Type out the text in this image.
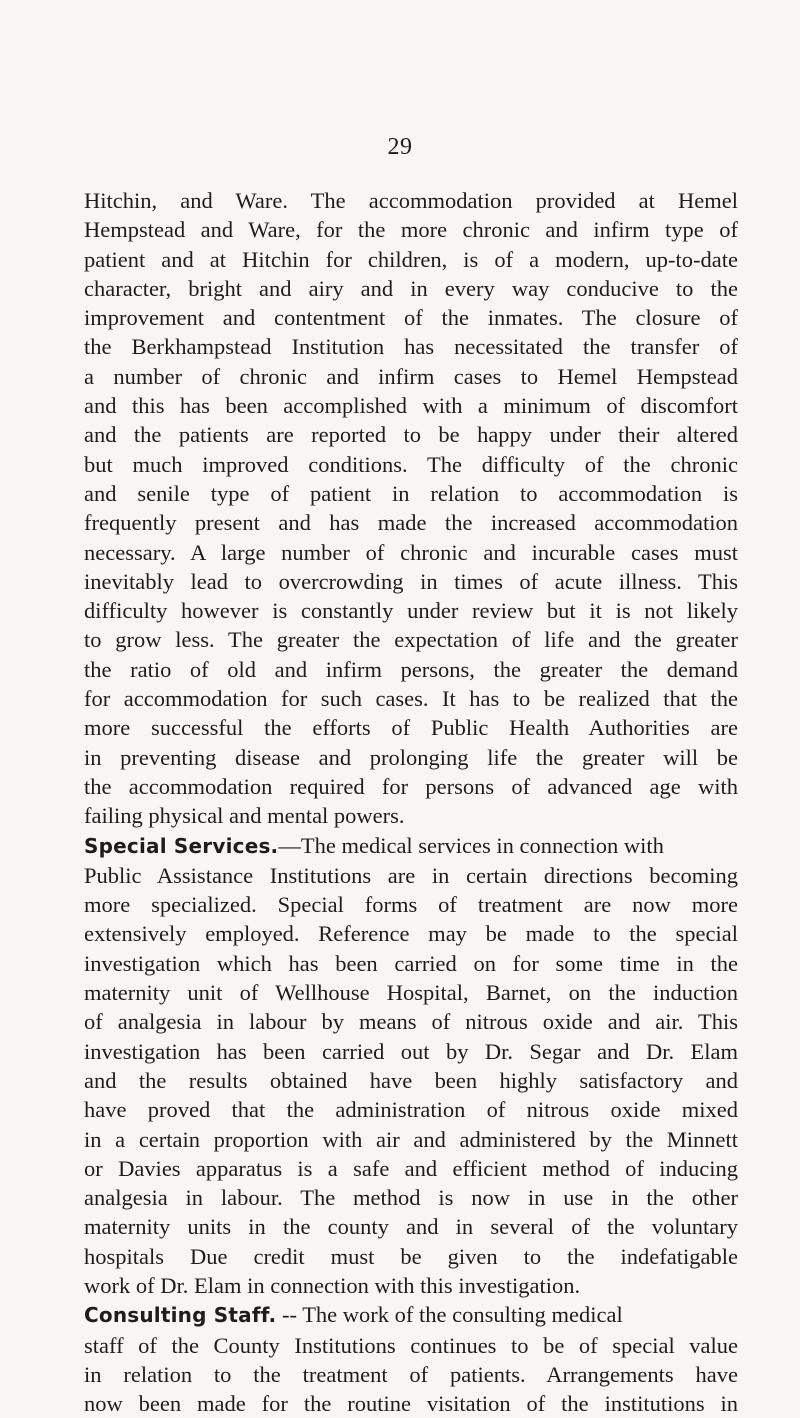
29
Hitchin, and Ware. The accommodation provided at Hemel
Hempstead and Ware, for the more chronic and infirm type of
patient and at Hitchin for children, is of a modern, up-to-date
character, bright and airy and in every way conducive to the
improvement and contentment of the inmates. The closure of
the Berkhampstead Institution has necessitated the transfer of
a number of chronic and infirm cases to Hemel Hempstead
and this has been accomplished with a minimum of discomfort
and the patients are reported to be happy under their altered
but much improved conditions. The difficulty of the chronic
and senile type of patient in relation to accommodation is
frequently present and has made the increased accommodation
necessary. A large number of chronic and incurable cases must
inevitably lead to overcrowding in times of acute illness. This
difficulty however is constantly under review but it is not likely
to grow less. The greater the expectation of life and the greater
the ratio of old and infirm persons, the greater the demand
for accommodation for such cases. It has to be realized that the
more successful the efforts of Public Health Authorities are
in preventing disease and prolonging life the greater will be
the accommodation required for persons of advanced age with
failing physical and mental powers.
Special Services.—The medical services in connection with
Public Assistance Institutions are in certain directions becoming
more specialized. Special forms of treatment are now more
extensively employed. Reference may be made to the special
investigation which has been carried on for some time in the
maternity unit of Wellhouse Hospital, Barnet, on the induction
of analgesia in labour by means of nitrous oxide and air. This
investigation has been carried out by Dr. Segar and Dr. Elam
and the results obtained have been highly satisfactory and
have proved that the administration of nitrous oxide mixed
in a certain proportion with air and administered by the Minnett
or Davies apparatus is a safe and efficient method of inducing
analgesia in labour. The method is now in use in the other
maternity units in the county and in several of the voluntary
hospitals Due credit must be given to the indefatigable
work of Dr. Elam in connection with this investigation.
Consulting Staff. -- The work of the consulting medical
staff of the County Institutions continues to be of special value
in relation to the treatment of patients. Arrangements have
now been made for the routine visitation of the institutions in
